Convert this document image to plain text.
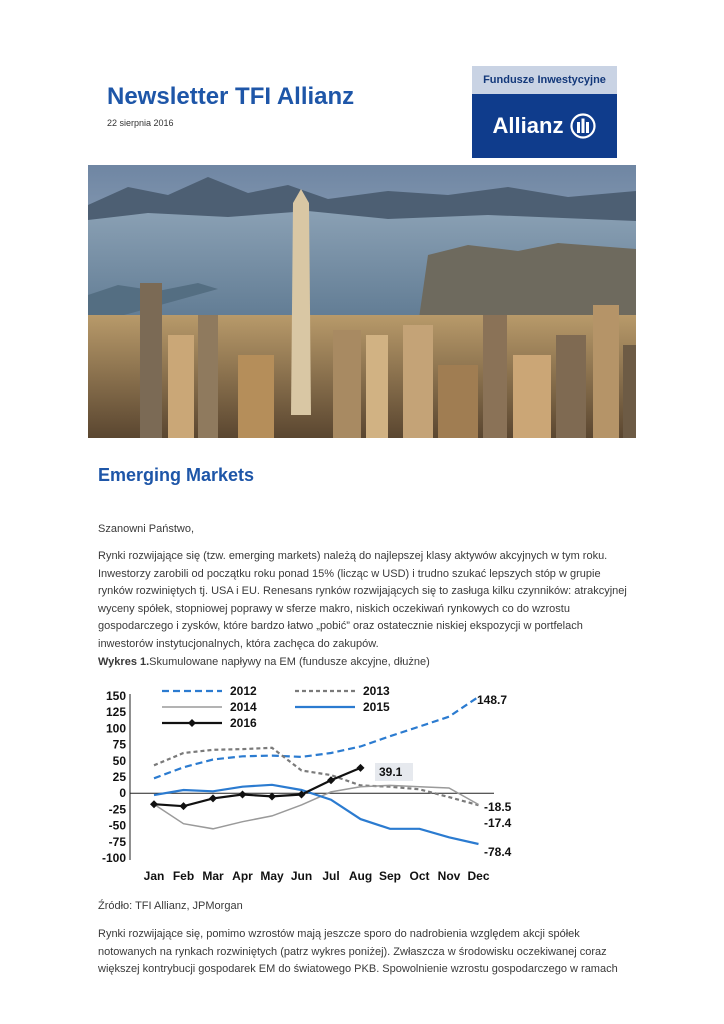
Newsletter TFI Allianz
22 sierpnia 2016
Fundusze Inwestycyjne
Allianz
Emerging Markets

Szanowni Państwo,

Rynki rozwijające się (tzw. emerging markets) należą do najlepszej klasy aktywów akcyjnych w tym roku. Inwestorzy zarobili od początku roku ponad 15% (licząc w USD) i trudno szukać lepszych stóp w grupie rynków rozwiniętych tj. USA i EU. Renesans rynków rozwijających się to zasługa kilku czynników: atrakcyjnej wyceny spółek, stopniowej poprawy w sferze makro, niskich oczekiwań rynkowych co do wzrostu gospodarczego i zysków, które bardzo łatwo „pobić” oraz ostatecznie niskiej ekspozycji w portfelach inwestorów instytucjonalnych, która zachęca do zakupów.

Wykres 1.Skumulowane napływy na EM (fundusze akcyjne, dłużne)
150
125
100
75
50
25
0
-25
-50
-75
-100
Jan Feb Mar Apr May Jun Jul Aug Sep Oct Nov Dec
148.7
-18.5
-17.4
-78.4
39.1
2012	2013
2014	2015
2016
Źródło: TFI Allianz, JPMorgan

Rynki rozwijające się, pomimo wzrostów mają jeszcze sporo do nadrobienia względem akcji spółek notowanych na rynkach rozwiniętych (patrz wykres poniżej). Zwłaszcza w środowisku oczekiwanej coraz większej kontrybucji gospodarek EM do światowego PKB. Spowolnienie wzrostu gospodarczego w ramach
